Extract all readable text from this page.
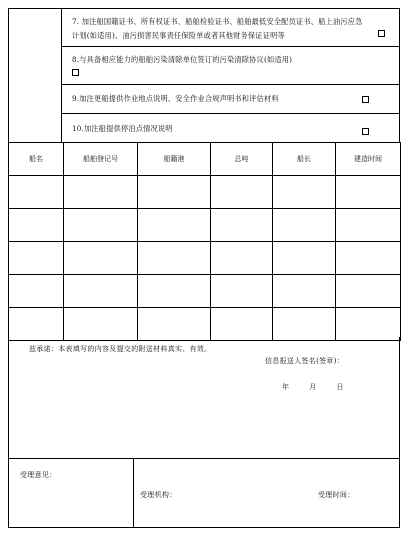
7. 加注船国籍证书、所有权证书、船舶检验证书、船舶最低安全配员证书、船上油污应急
计划(如适用)、油污损害民事责任保险单或者其他财务保证证明等
8.与具备相应能力的船舶污染清除单位签订的污染清除协议(如适用)
9.加注更船提供作业地点说明、安全作业合规声明书和评估材料
10.加注船提供停泊点情况说明
船名	船舶登记号	船籍港	总吨	船长	建造时间

兹承诺：本表填写的内容及提交的附送材料真实、有效。
信息报送人签名(签章)：
年	月	日
受理意见：
受理机构：	受理时间：
